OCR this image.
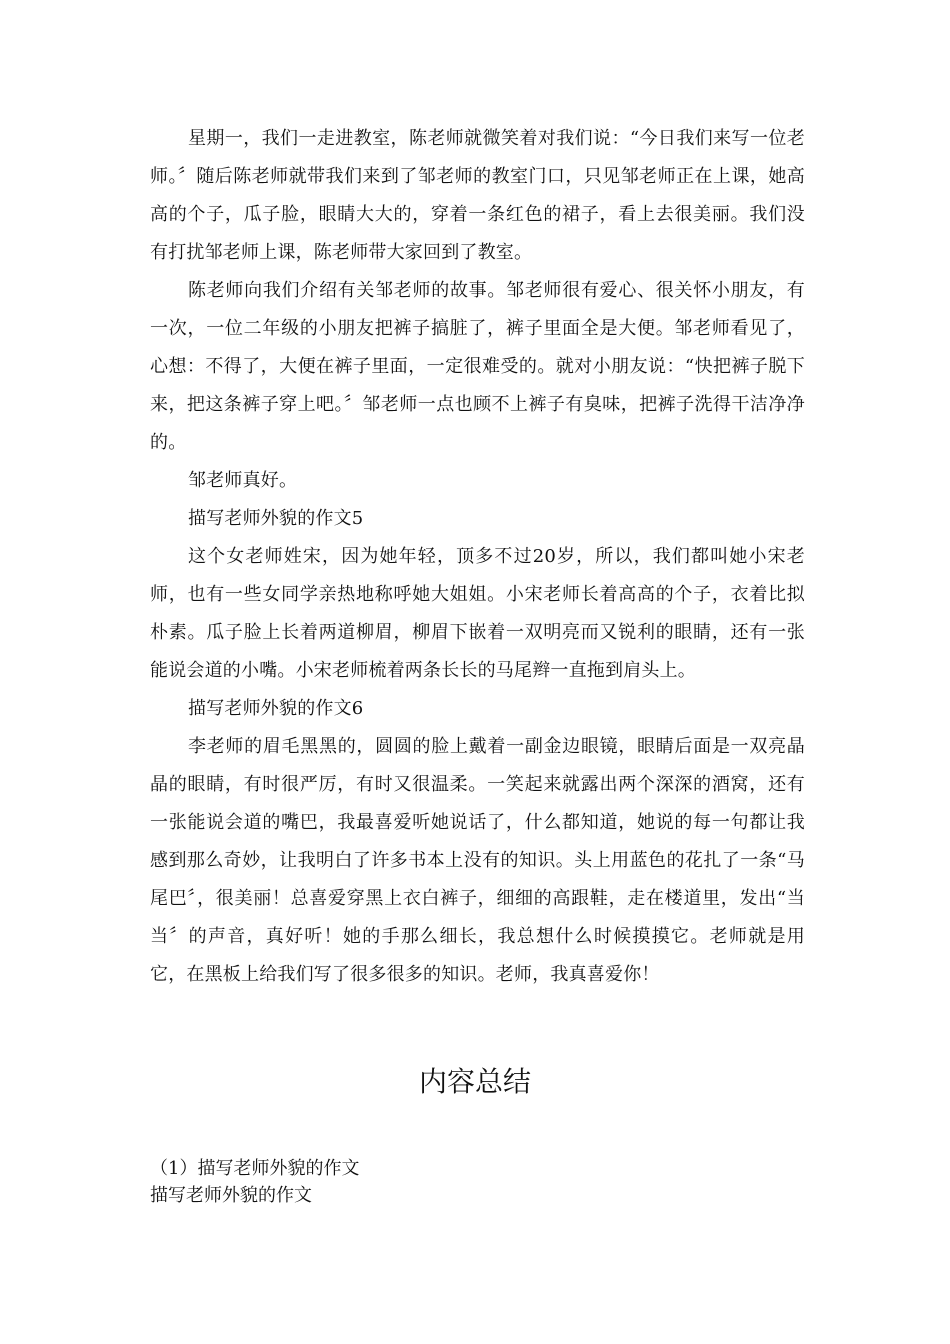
星期一，我们一走进教室，陈老师就微笑着对我们说：“今日我们来写一位老师。〞随后陈老师就带我们来到了邹老师的教室门口，只见邹老师正在上课，她高高的个子，瓜子脸，眼睛大大的，穿着一条红色的裙子，看上去很美丽。我们没有打扰邹老师上课，陈老师带大家回到了教室。

陈老师向我们介绍有关邹老师的故事。邹老师很有爱心、很关怀小朋友，有一次，一位二年级的小朋友把裤子搞脏了，裤子里面全是大便。邹老师看见了，心想：不得了，大便在裤子里面，一定很难受的。就对小朋友说：“快把裤子脱下来，把这条裤子穿上吧。〞邹老师一点也顾不上裤子有臭味，把裤子洗得干洁净净的。

邹老师真好。

描写老师外貌的作文5

这个女老师姓宋，因为她年轻，顶多不过20岁，所以，我们都叫她小宋老师，也有一些女同学亲热地称呼她大姐姐。小宋老师长着高高的个子，衣着比拟朴素。瓜子脸上长着两道柳眉，柳眉下嵌着一双明亮而又锐利的眼睛，还有一张能说会道的小嘴。小宋老师梳着两条长长的马尾辫一直拖到肩头上。

描写老师外貌的作文6

李老师的眉毛黑黑的，圆圆的脸上戴着一副金边眼镜，眼睛后面是一双亮晶晶的眼睛，有时很严厉，有时又很温柔。一笑起来就露出两个深深的酒窝，还有一张能说会道的嘴巴，我最喜爱听她说话了，什么都知道，她说的每一句都让我感到那么奇妙，让我明白了许多书本上没有的知识。头上用蓝色的花扎了一条“马尾巴〞，很美丽！总喜爱穿黑上衣白裤子，细细的高跟鞋，走在楼道里，发出“当当〞的声音，真好听！她的手那么细长，我总想什么时候摸摸它。老师就是用它，在黑板上给我们写了很多很多的知识。老师，我真喜爱你！

内容总结

（1）描写老师外貌的作文

描写老师外貌的作文
